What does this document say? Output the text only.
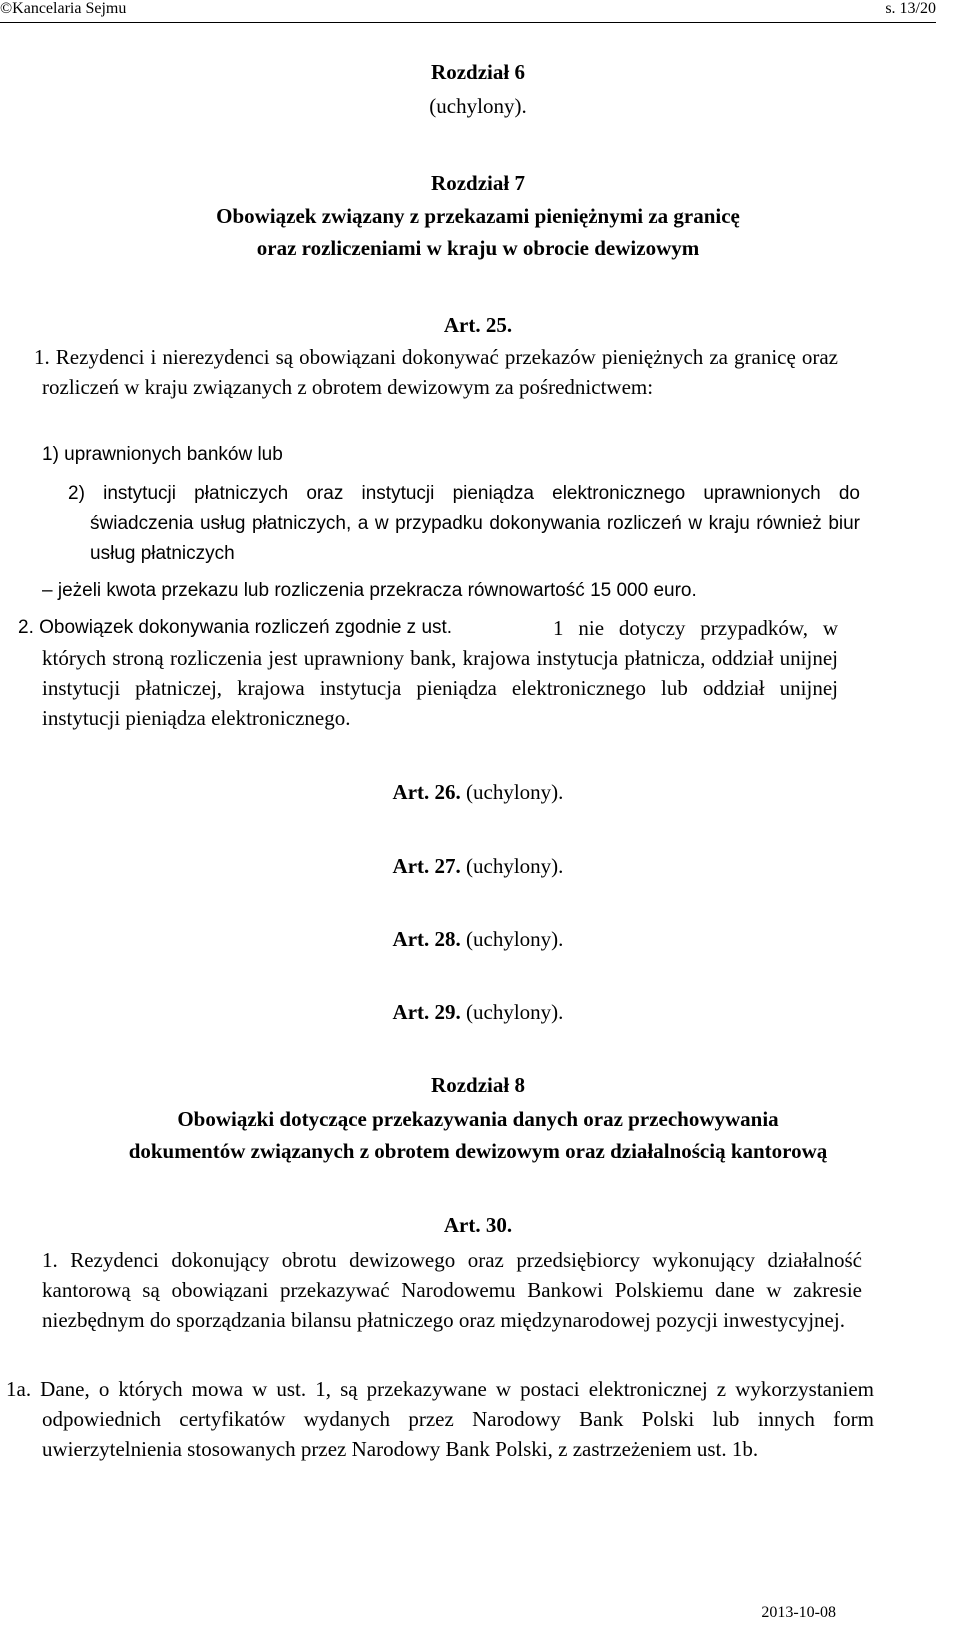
©Kancelaria Sejmu	s. 13/20
Rozdział 6
(uchylony).
Rozdział 7
Obowiązek związany z przekazami pieniężnymi za granicę
oraz rozliczeniami w kraju w obrocie dewizowym
Art. 25.
1. Rezydenci i nierezydenci są obowiązani dokonywać przekazów pieniężnych za granicę oraz rozliczeń w kraju związanych z obrotem dewizowym za pośrednictwem:
1) uprawnionych banków lub
2) instytucji płatniczych oraz instytucji pieniądza elektronicznego uprawnionych do świadczenia usług płatniczych, a w przypadku dokonywania rozliczeń w kraju również biur usług płatniczych
– jeżeli kwota przekazu lub rozliczenia przekracza równowartość 15 000 euro.
2. Obowiązek dokonywania rozliczeń zgodnie z ust.	1 nie dotyczy przypadków, w których stroną rozliczenia jest uprawniony bank, krajowa instytucja płatnicza, oddział unijnej instytucji płatniczej, krajowa instytucja pieniądza elektronicznego lub oddział unijnej instytucji pieniądza elektronicznego.
Art. 26. (uchylony).
Art. 27. (uchylony).
Art. 28. (uchylony).
Art. 29. (uchylony).
Rozdział 8
Obowiązki dotyczące przekazywania danych oraz przechowywania
dokumentów związanych z obrotem dewizowym oraz działalnością kantorową
Art. 30.
1. Rezydenci dokonujący obrotu dewizowego oraz przedsiębiorcy wykonujący działalność kantorową są obowiązani przekazywać Narodowemu Bankowi Polskiemu dane w zakresie niezbędnym do sporządzania bilansu płatniczego oraz międzynarodowej pozycji inwestycyjnej.
1a. Dane, o których mowa w ust. 1, są przekazywane w postaci elektronicznej z wykorzystaniem odpowiednich certyfikatów wydanych przez Narodowy Bank Polski lub innych form uwierzytelnienia stosowanych przez Narodowy Bank Polski, z zastrzeżeniem ust. 1b.
2013-10-08
